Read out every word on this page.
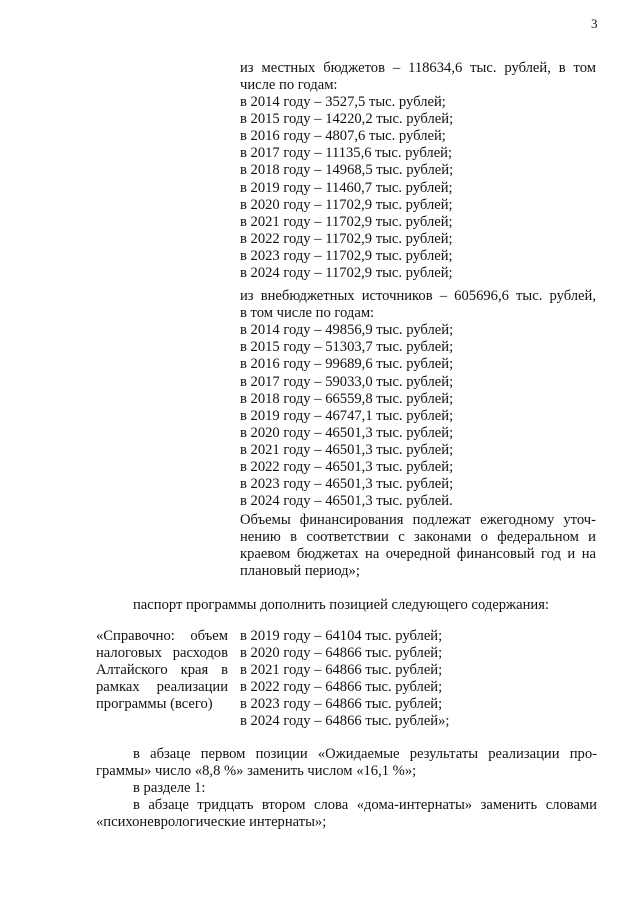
3
из местных бюджетов – 118634,6 тыс. рублей, в том
числе по годам:
в 2014 году – 3527,5 тыс. рублей;
в 2015 году – 14220,2 тыс. рублей;
в 2016 году – 4807,6 тыс. рублей;
в 2017 году – 11135,6 тыс. рублей;
в 2018 году – 14968,5 тыс. рублей;
в 2019 году – 11460,7 тыс. рублей;
в 2020 году – 11702,9 тыс. рублей;
в 2021 году – 11702,9 тыс. рублей;
в 2022 году – 11702,9 тыс. рублей;
в 2023 году – 11702,9 тыс. рублей;
в 2024 году – 11702,9 тыс. рублей;
из внебюджетных источников – 605696,6 тыс. рублей,
в том числе по годам:
в 2014 году – 49856,9 тыс. рублей;
в 2015 году – 51303,7 тыс. рублей;
в 2016 году – 99689,6 тыс. рублей;
в 2017 году – 59033,0 тыс. рублей;
в 2018 году – 66559,8 тыс. рублей;
в 2019 году – 46747,1 тыс. рублей;
в 2020 году – 46501,3 тыс. рублей;
в 2021 году – 46501,3 тыс. рублей;
в 2022 году – 46501,3 тыс. рублей;
в 2023 году – 46501,3 тыс. рублей;
в 2024 году – 46501,3 тыс. рублей.
Объемы финансирования подлежат ежегодному уточ-
нению в соответствии с законами о федеральном и
краевом бюджетах на очередной финансовый год и на
плановый период»;
паспорт программы дополнить позицией следующего содержания:
«Справочно: объем
налоговых расходов
Алтайского края в
рамках реализации
программы (всего)
в 2019 году – 64104 тыс. рублей;
в 2020 году – 64866 тыс. рублей;
в 2021 году – 64866 тыс. рублей;
в 2022 году – 64866 тыс. рублей;
в 2023 году – 64866 тыс. рублей;
в 2024 году – 64866 тыс. рублей»;
в абзаце первом позиции «Ожидаемые результаты реализации про-
граммы» число «8,8 %» заменить числом «16,1 %»;
в разделе 1:
в абзаце тридцать втором слова «дома-интернаты» заменить словами
«психоневрологические интернаты»;
